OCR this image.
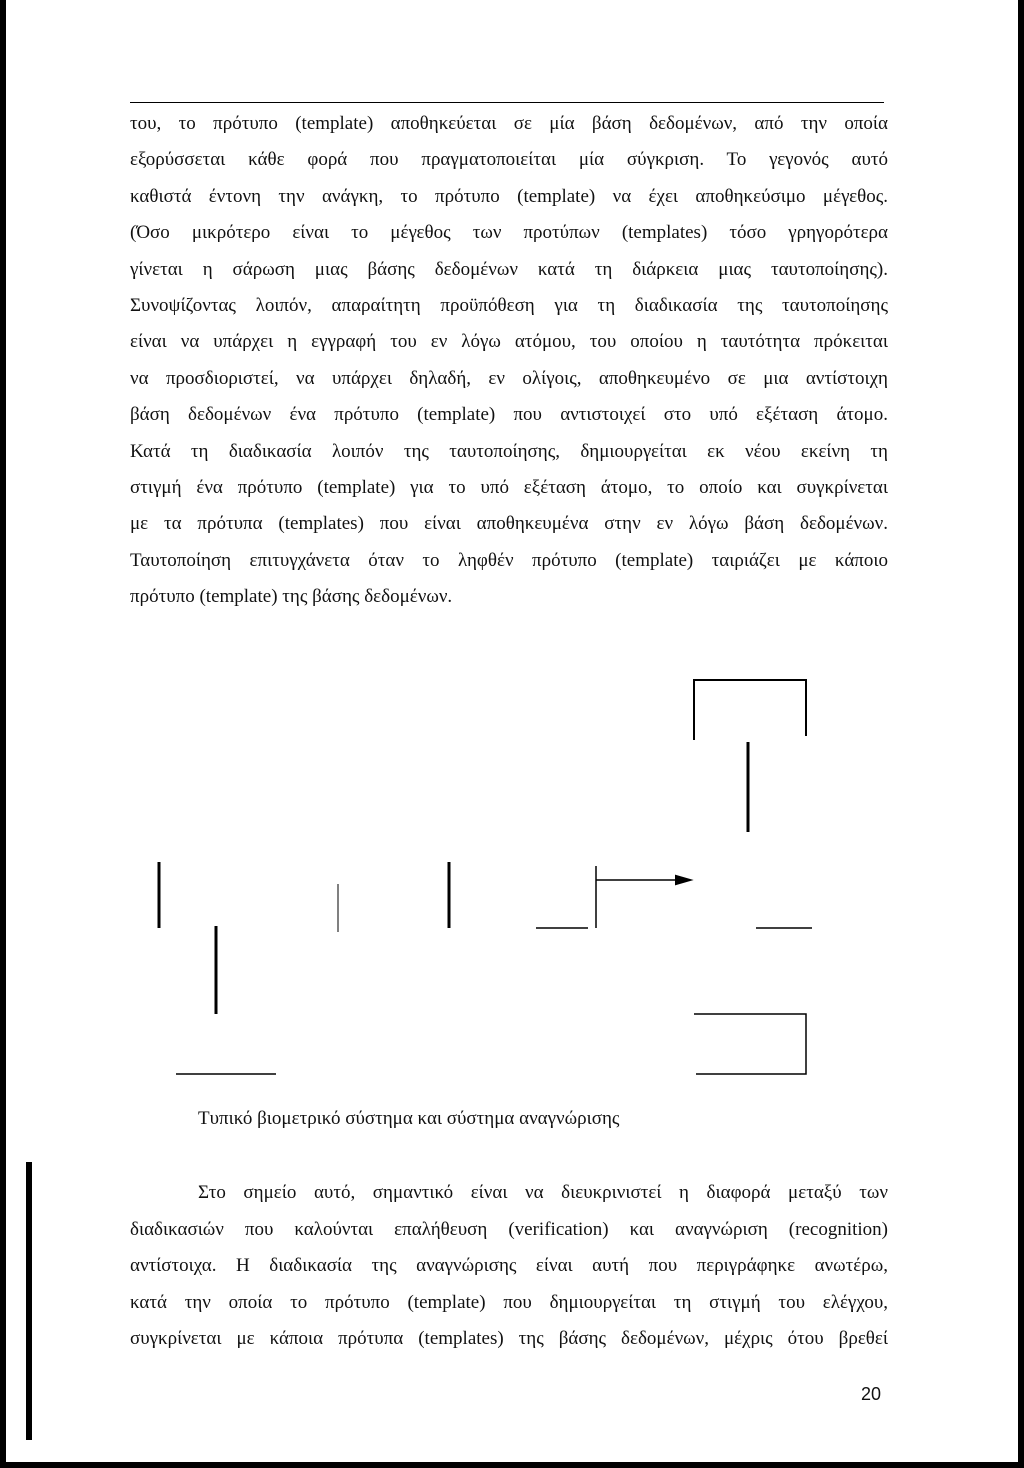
του, το πρότυπο (template) αποθηκεύεται σε μία βάση δεδομένων, από την οποία
εξορύσσεται κάθε φορά που πραγματοποιείται μία σύγκριση. Το γεγονός αυτό
καθιστά έντονη την ανάγκη, το πρότυπο (template) να έχει αποθηκεύσιμο μέγεθος.
(Όσο μικρότερο είναι το μέγεθος των προτύπων (templates) τόσο γρηγορότερα
γίνεται η σάρωση μιας βάσης δεδομένων κατά τη διάρκεια μιας ταυτοποίησης).
Συνοψίζοντας λοιπόν, απαραίτητη προϋπόθεση για τη διαδικασία της ταυτοποίησης
είναι να υπάρχει η εγγραφή του εν λόγω ατόμου, του οποίου η ταυτότητα πρόκειται
να προσδιοριστεί, να υπάρχει δηλαδή, εν ολίγοις, αποθηκευμένο σε μια αντίστοιχη
βάση δεδομένων ένα πρότυπο (template) που αντιστοιχεί στο υπό εξέταση άτομο.
Κατά τη διαδικασία λοιπόν της ταυτοποίησης, δημιουργείται εκ νέου εκείνη τη
στιγμή ένα πρότυπο (template) για το υπό εξέταση άτομο, το οποίο και συγκρίνεται
με τα πρότυπα (templates) που είναι αποθηκευμένα στην εν λόγω βάση δεδομένων.
Ταυτοποίηση επιτυγχάνετα όταν το ληφθέν πρότυπο (template) ταιριάζει με κάποιο
πρότυπο (template) της βάσης δεδομένων.
Τυπικό βιομετρικό σύστημα και σύστημα αναγνώρισης
Στο σημείο αυτό, σημαντικό είναι να διευκρινιστεί η διαφορά μεταξύ των
διαδικασιών που καλούνται επαλήθευση (verification) και αναγνώριση (recognition)
αντίστοιχα. Η διαδικασία της αναγνώρισης είναι αυτή που περιγράφηκε ανωτέρω,
κατά την οποία το πρότυπο (template) που δημιουργείται τη στιγμή του ελέγχου,
συγκρίνεται με κάποια πρότυπα (templates) της βάσης δεδομένων, μέχρις ότου βρεθεί
20
